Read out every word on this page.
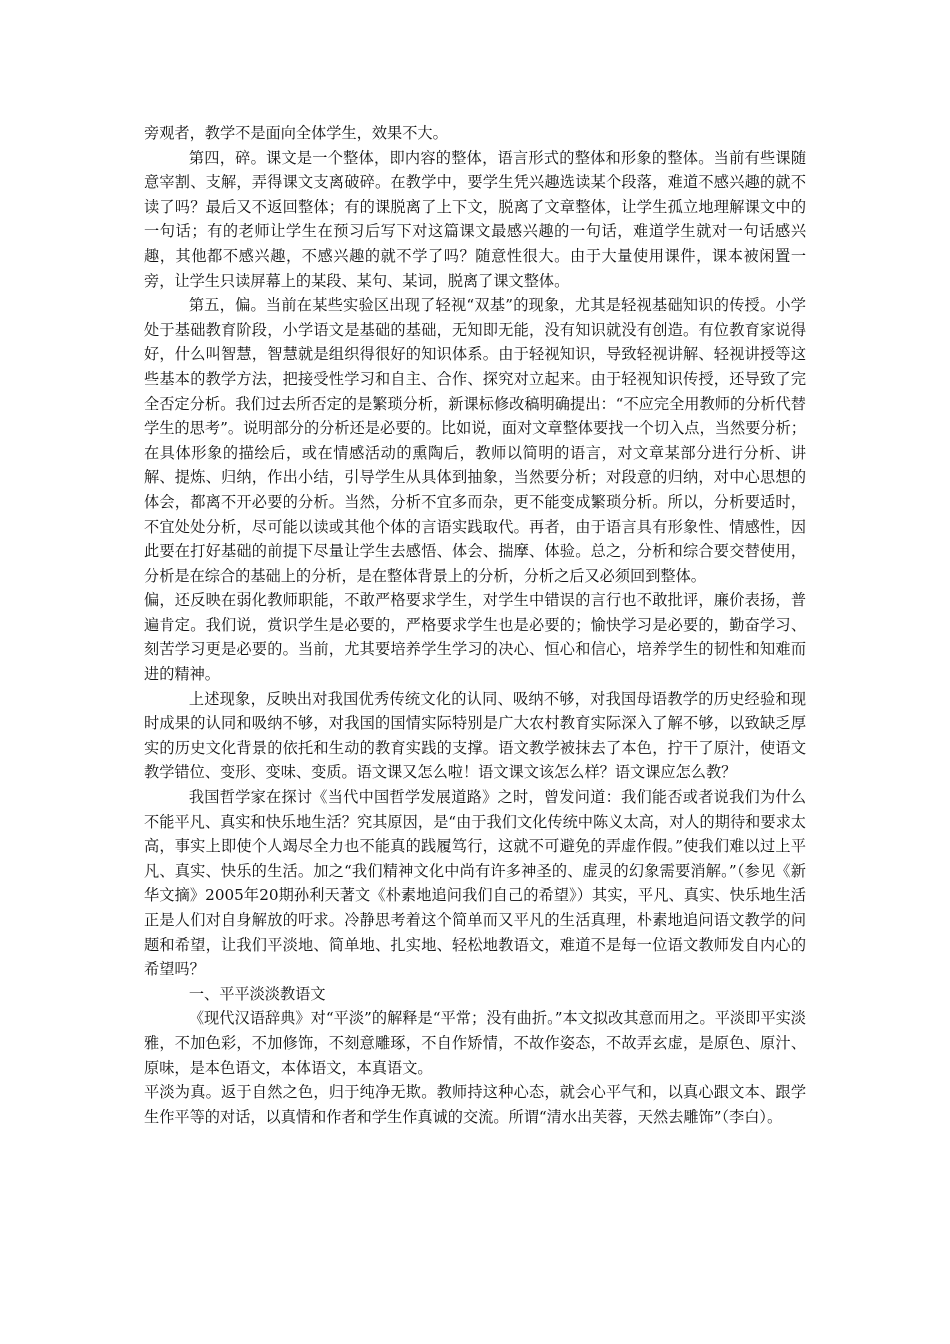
旁观者，教学不是面向全体学生，效果不大。

第四，碎。课文是一个整体，即内容的整体，语言形式的整体和形象的整体。当前有些课随意宰割、支解，弄得课文支离破碎。在教学中，要学生凭兴趣选读某个段落，难道不感兴趣的就不读了吗？最后又不返回整体；有的课脱离了上下文，脱离了文章整体，让学生孤立地理解课文中的一句话；有的老师让学生在预习后写下对这篇课文最感兴趣的一句话，难道学生就对一句话感兴趣，其他都不感兴趣，不感兴趣的就不学了吗？随意性很大。由于大量使用课件，课本被闲置一旁，让学生只读屏幕上的某段、某句、某词，脱离了课文整体。

第五，偏。当前在某些实验区出现了轻视“双基”的现象，尤其是轻视基础知识的传授。小学处于基础教育阶段，小学语文是基础的基础，无知即无能，没有知识就没有创造。有位教育家说得好，什么叫智慧，智慧就是组织得很好的知识体系。由于轻视知识，导致轻视讲解、轻视讲授等这些基本的教学方法，把接受性学习和自主、合作、探究对立起来。由于轻视知识传授，还导致了完全否定分析。我们过去所否定的是繁琐分析，新课标修改稿明确提出：“不应完全用教师的分析代替学生的思考”。说明部分的分析还是必要的。比如说，面对文章整体要找一个切入点，当然要分析；在具体形象的描绘后，或在情感活动的熏陶后，教师以简明的语言，对文章某部分进行分析、讲解、提炼、归纳，作出小结，引导学生从具体到抽象，当然要分析；对段意的归纳，对中心思想的体会，都离不开必要的分析。当然，分析不宜多而杂，更不能变成繁琐分析。所以，分析要适时，不宜处处分析，尽可能以读或其他个体的言语实践取代。再者，由于语言具有形象性、情感性，因此要在打好基础的前提下尽量让学生去感悟、体会、揣摩、体验。总之，分析和综合要交替使用，分析是在综合的基础上的分析，是在整体背景上的分析，分析之后又必须回到整体。

偏，还反映在弱化教师职能，不敢严格要求学生，对学生中错误的言行也不敢批评，廉价表扬，普遍肯定。我们说，赏识学生是必要的，严格要求学生也是必要的；愉快学习是必要的，勤奋学习、刻苦学习更是必要的。当前，尤其要培养学生学习的决心、恒心和信心，培养学生的韧性和知难而进的精神。

上述现象，反映出对我国优秀传统文化的认同、吸纳不够，对我国母语教学的历史经验和现时成果的认同和吸纳不够，对我国的国情实际特别是广大农村教育实际深入了解不够，以致缺乏厚实的历史文化背景的依托和生动的教育实践的支撑。语文教学被抹去了本色，拧干了原汁，使语文教学错位、变形、变味、变质。语文课又怎么啦！语文课文该怎么样？语文课应怎么教？

我国哲学家在探讨《当代中国哲学发展道路》之时，曾发问道：我们能否或者说我们为什么不能平凡、真实和快乐地生活？究其原因，是“由于我们文化传统中陈义太高，对人的期待和要求太高，事实上即使个人竭尽全力也不能真的践履笃行，这就不可避免的弄虚作假。”使我们难以过上平凡、真实、快乐的生活。加之“我们精神文化中尚有许多神圣的、虚灵的幻象需要消解。”（参见《新华文摘》2005年20期孙利天著文《朴素地追问我们自己的希望》）其实，平凡、真实、快乐地生活正是人们对自身解放的吁求。冷静思考着这个简单而又平凡的生活真理，朴素地追问语文教学的问题和希望，让我们平淡地、简单地、扎实地、轻松地教语文，难道不是每一位语文教师发自内心的希望吗？

一、平平淡淡教语文

《现代汉语辞典》对“平淡”的解释是“平常；没有曲折。”本文拟改其意而用之。平淡即平实淡雅，不加色彩，不加修饰，不刻意雕琢，不自作矫情，不故作姿态，不故弄玄虚，是原色、原汁、原味，是本色语文，本体语文，本真语文。

平淡为真。返于自然之色，归于纯净无欺。教师持这种心态，就会心平气和，以真心跟文本、跟学生作平等的对话，以真情和作者和学生作真诚的交流。所谓“清水出芙蓉，天然去雕饰”（李白）。
